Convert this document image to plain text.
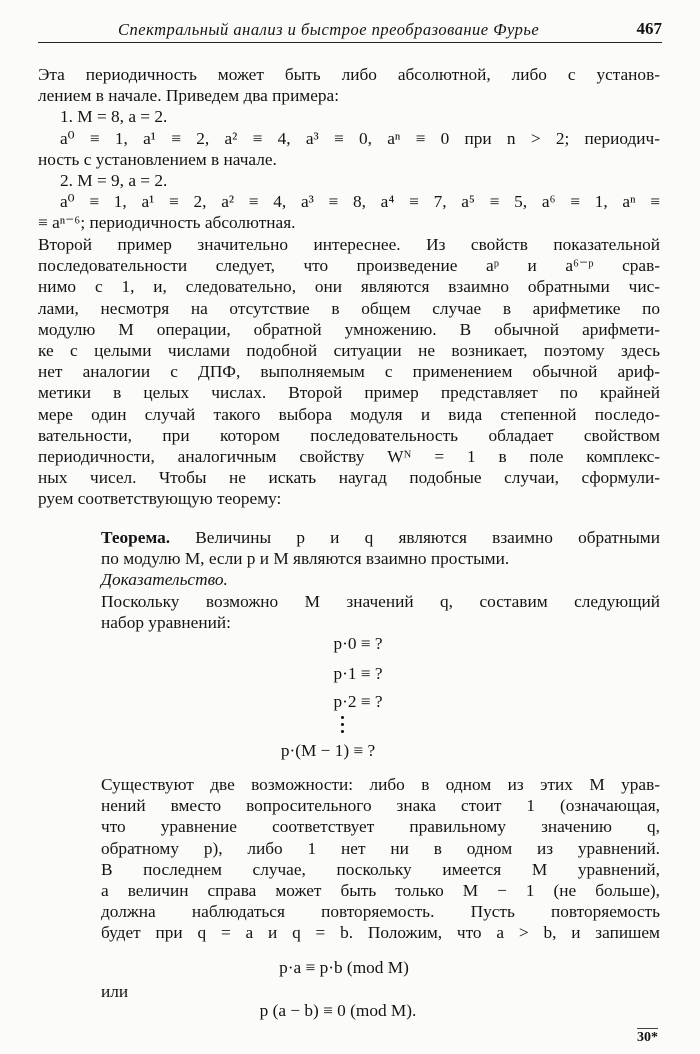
Спектральный анализ и быстрое преобразование Фурье	467
Эта периодичность может быть либо абсолютной, либо с установ-
лением в начале. Приведем два примера:
1. M = 8, a = 2.
a⁰ ≡ 1, a¹ ≡ 2, a² ≡ 4, a³ ≡ 0, aⁿ ≡ 0 при n > 2; периодич-
ность с установлением в начале.
2. M = 9, a = 2.
a⁰ ≡ 1, a¹ ≡ 2, a² ≡ 4, a³ ≡ 8, a⁴ ≡ 7, a⁵ ≡ 5, a⁶ ≡ 1, aⁿ ≡
≡ aⁿ⁻⁶; периодичность абсолютная.
Второй пример значительно интереснее. Из свойств показательной
последовательности следует, что произведение aᵖ и a⁶⁻ᵖ срав-
нимо с 1, и, следовательно, они являются взаимно обратными чис-
лами, несмотря на отсутствие в общем случае в арифметике по
модулю M операции, обратной умножению. В обычной арифмети-
ке с целыми числами подобной ситуации не возникает, поэтому здесь
нет аналогии с ДПФ, выполняемым с применением обычной ариф-
метики в целых числах. Второй пример представляет по крайней
мере один случай такого выбора модуля и вида степенной последо-
вательности, при котором последовательность обладает свойством
периодичности, аналогичным свойству Wᴺ = 1 в поле комплекс-
ных чисел. Чтобы не искать наугад подобные случаи, сформули-
руем соответствующую теорему:
Теорема. Величины p и q являются взаимно обратными
по модулю M, если p и M являются взаимно простыми.
Доказательство.
Поскольку возможно M значений q, составим следующий
набор уравнений:
p·0 ≡ ?
p·1 ≡ ?
p·2 ≡ ?
p·(M − 1) ≡ ?
Существуют две возможности: либо в одном из этих M урав-
нений вместо вопросительного знака стоит 1 (означающая,
что уравнение соответствует правильному значению q,
обратному p), либо 1 нет ни в одном из уравнений.
В последнем случае, поскольку имеется M уравнений,
а величин справа может быть только M − 1 (не больше),
должна наблюдаться повторяемость. Пусть повторяемость
будет при q = a и q = b. Положим, что a > b, и запишем
p·a ≡ p·b (mod M)
или
p (a − b) ≡ 0 (mod M).
30*
